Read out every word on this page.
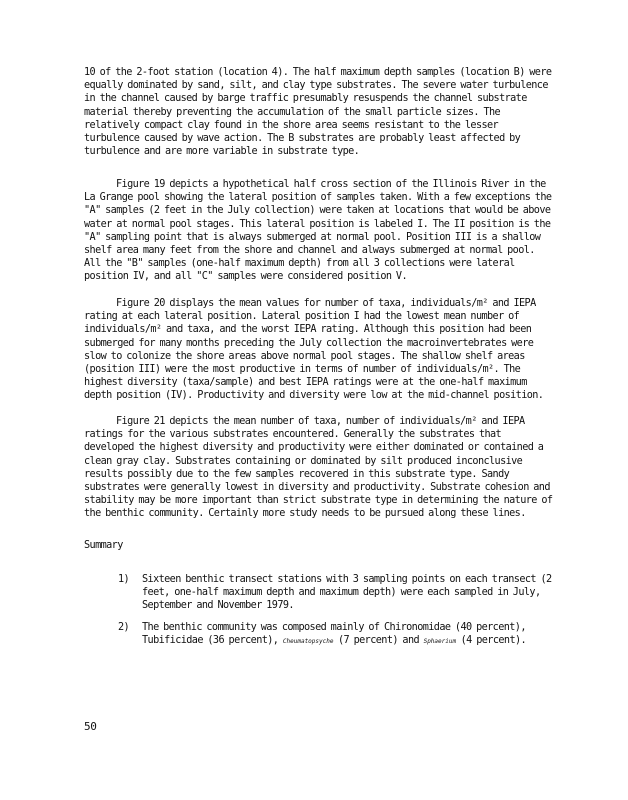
10 of the 2-foot station (location 4). The half maximum depth samples (location B) were equally dominated by sand, silt, and clay type substrates. The severe water turbulence in the channel caused by barge traffic presumably resuspends the channel substrate material thereby preventing the accumulation of the small particle sizes. The relatively compact clay found in the shore area seems resistant to the lesser turbulence caused by wave action. The B substrates are probably least affected by turbulence and are more variable in substrate type.

Figure 19 depicts a hypothetical half cross section of the Illinois River in the La Grange pool showing the lateral position of samples taken. With a few exceptions the "A" samples (2 feet in the July collection) were taken at locations that would be above water at normal pool stages. This lateral position is labeled I. The II position is the "A" sampling point that is always submerged at normal pool. Position III is a shallow shelf area many feet from the shore and channel and always submerged at normal pool. All the "B" samples (one-half maximum depth) from all 3 collections were lateral position IV, and all "C" samples were considered position V.

Figure 20 displays the mean values for number of taxa, individuals/m² and IEPA rating at each lateral position. Lateral position I had the lowest mean number of individuals/m² and taxa, and the worst IEPA rating. Although this position had been submerged for many months preceding the July collection the macroinvertebrates were slow to colonize the shore areas above normal pool stages. The shallow shelf areas (position III) were the most productive in terms of number of individuals/m². The highest diversity (taxa/sample) and best IEPA ratings were at the one-half maximum depth position (IV). Productivity and diversity were low at the mid-channel position.

Figure 21 depicts the mean number of taxa, number of individuals/m² and IEPA ratings for the various substrates encountered. Generally the substrates that developed the highest diversity and productivity were either dominated or contained a clean gray clay. Substrates containing or dominated by silt produced inconclusive results possibly due to the few samples recovered in this substrate type. Sandy substrates were generally lowest in diversity and productivity. Substrate cohesion and stability may be more important than strict substrate type in determining the nature of the benthic community. Certainly more study needs to be pursued along these lines.

Summary
1) Sixteen benthic transect stations with 3 sampling points on each transect (2 feet, one-half maximum depth and maximum depth) were each sampled in July, September and November 1979.
2) The benthic community was composed mainly of Chironomidae (40 percent), Tubificidae (36 percent), Cheumatopsyche (7 percent) and Sphaerium (4 percent).
50
